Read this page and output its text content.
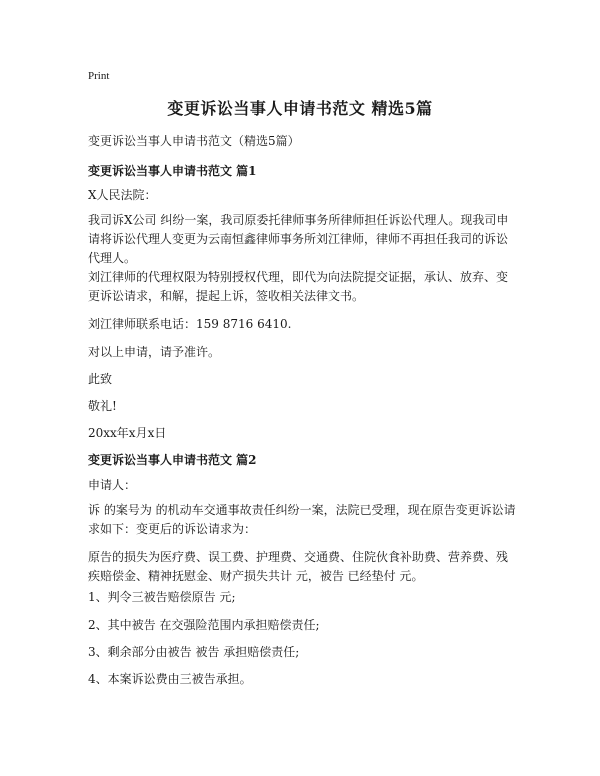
Print
变更诉讼当事人申请书范文 精选5篇
变更诉讼当事人申请书范文（精选5篇）
变更诉讼当事人申请书范文 篇1
X人民法院：
我司诉X公司 纠纷一案，我司原委托律师事务所律师担任诉讼代理人。现我司申请将诉讼代理人变更为云南恒鑫律师事务所刘江律师，律师不再担任我司的诉讼代理人。
刘江律师的代理权限为特别授权代理，即代为向法院提交证据，承认、放弃、变更诉讼请求，和解，提起上诉，签收相关法律文书。
刘江律师联系电话：159 8716 6410.
对以上申请，请予准许。
此致
敬礼!
20xx年x月x日
变更诉讼当事人申请书范文 篇2
申请人：
诉 的案号为 的机动车交通事故责任纠纷一案，法院已受理，现在原告变更诉讼请求如下：变更后的诉讼请求为：
原告的损失为医疗费、误工费、护理费、交通费、住院伙食补助费、营养费、残疾赔偿金、精神抚慰金、财产损失共计 元，被告 已经垫付 元。
1、判令三被告赔偿原告 元;
2、其中被告 在交强险范围内承担赔偿责任;
3、剩余部分由被告 被告 承担赔偿责任;
4、本案诉讼费由三被告承担。
